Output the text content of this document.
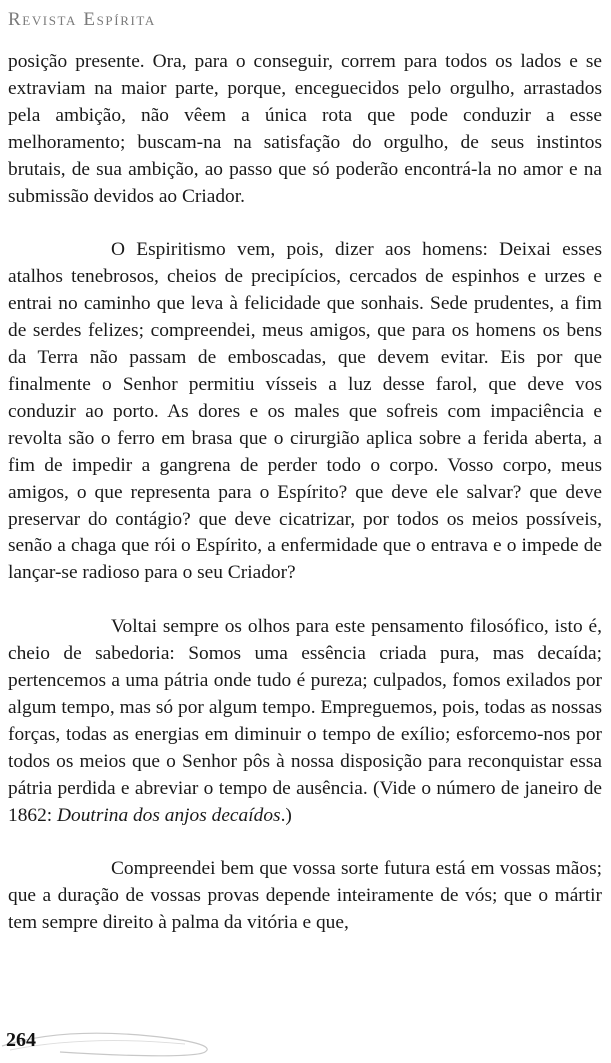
Revista Espírita

posição presente. Ora, para o conseguir, correm para todos os lados e se extraviam na maior parte, porque, enceguecidos pelo orgulho, arrastados pela ambição, não vêem a única rota que pode conduzir a esse melhoramento; buscam-na na satisfação do orgulho, de seus instintos brutais, de sua ambição, ao passo que só poderão encontrá-la no amor e na submissão devidos ao Criador.

O Espiritismo vem, pois, dizer aos homens: Deixai esses atalhos tenebrosos, cheios de precipícios, cercados de espinhos e urzes e entrai no caminho que leva à felicidade que sonhais. Sede prudentes, a fim de serdes felizes; compreendei, meus amigos, que para os homens os bens da Terra não passam de emboscadas, que devem evitar. Eis por que finalmente o Senhor permitiu vísseis a luz desse farol, que deve vos conduzir ao porto. As dores e os males que sofreis com impaciência e revolta são o ferro em brasa que o cirurgião aplica sobre a ferida aberta, a fim de impedir a gangrena de perder todo o corpo. Vosso corpo, meus amigos, o que representa para o Espírito? que deve ele salvar? que deve preservar do contágio? que deve cicatrizar, por todos os meios possíveis, senão a chaga que rói o Espírito, a enfermidade que o entrava e o impede de lançar-se radioso para o seu Criador?

Voltai sempre os olhos para este pensamento filosófico, isto é, cheio de sabedoria: Somos uma essência criada pura, mas decaída; pertencemos a uma pátria onde tudo é pureza; culpados, fomos exilados por algum tempo, mas só por algum tempo. Empreguemos, pois, todas as nossas forças, todas as energias em diminuir o tempo de exílio; esforcemo-nos por todos os meios que o Senhor pôs à nossa disposição para reconquistar essa pátria perdida e abreviar o tempo de ausência. (Vide o número de janeiro de 1862: Doutrina dos anjos decaídos.)

Compreendei bem que vossa sorte futura está em vossas mãos; que a duração de vossas provas depende inteiramente de vós; que o mártir tem sempre direito à palma da vitória e que,

264
